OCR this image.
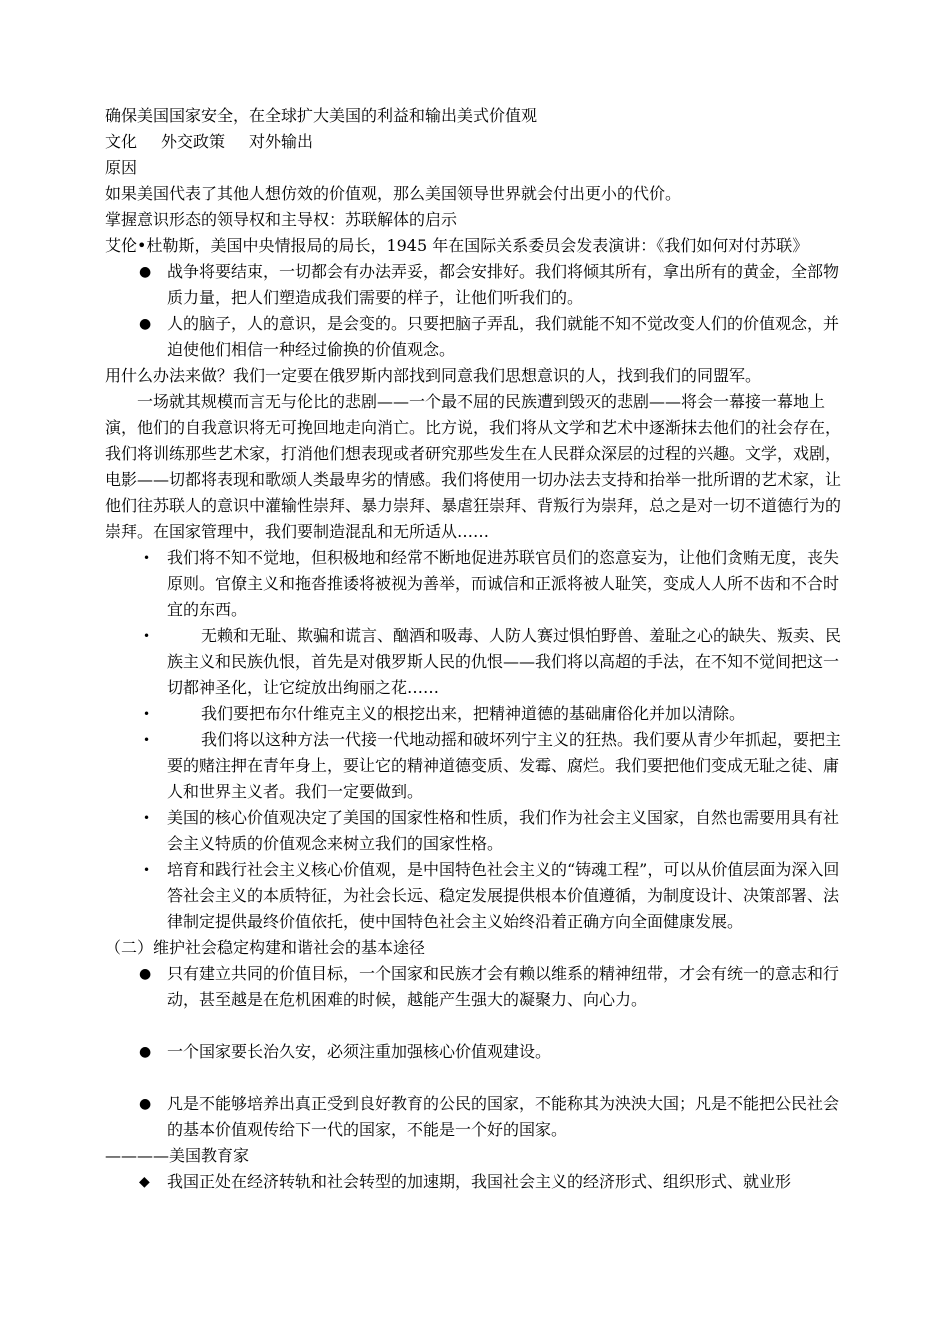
确保美国国家安全，在全球扩大美国的利益和输出美式价值观

文化 外交政策 对外输出

原因

如果美国代表了其他人想仿效的价值观，那么美国领导世界就会付出更小的代价。

掌握意识形态的领导权和主导权：苏联解体的启示

艾伦•杜勒斯，美国中央情报局的局长，1945 年在国际关系委员会发表演讲：《我们如何对付苏联》

● 战争将要结束，一切都会有办法弄妥，都会安排好。我们将倾其所有，拿出所有的黄金，全部物质力量，把人们塑造成我们需要的样子，让他们听我们的。
● 人的脑子，人的意识，是会变的。只要把脑子弄乱，我们就能不知不觉改变人们的价值观念，并迫使他们相信一种经过偷换的价值观念。

用什么办法来做？我们一定要在俄罗斯内部找到同意我们思想意识的人，找到我们的同盟军。

一场就其规模而言无与伦比的悲剧——一个最不屈的民族遭到毁灭的悲剧——将会一幕接一幕地上演，他们的自我意识将无可挽回地走向消亡。比方说，我们将从文学和艺术中逐渐抹去他们的社会存在，我们将训练那些艺术家，打消他们想表现或者研究那些发生在人民群众深层的过程的兴趣。文学，戏剧，电影——切都将表现和歌颂人类最卑劣的情感。我们将使用一切办法去支持和抬举一批所谓的艺术家，让他们往苏联人的意识中灌输性崇拜、暴力崇拜、暴虐狂崇拜、背叛行为崇拜，总之是对一切不道德行为的崇拜。在国家管理中，我们要制造混乱和无所适从……

• 我们将不知不觉地，但积极地和经常不断地促进苏联官员们的恣意妄为，让他们贪贿无度，丧失原则。官僚主义和拖沓推诿将被视为善举，而诚信和正派将被人耻笑，变成人人所不齿和不合时宜的东西。
•	无赖和无耻、欺骗和谎言、酗酒和吸毒、人防人赛过惧怕野兽、羞耻之心的缺失、叛卖、民族主义和民族仇恨，首先是对俄罗斯人民的仇恨——我们将以高超的手法，在不知不觉间把这一切都神圣化，让它绽放出绚丽之花……
•	我们要把布尔什维克主义的根挖出来，把精神道德的基础庸俗化并加以清除。
•	我们将以这种方法一代接一代地动摇和破坏列宁主义的狂热。我们要从青少年抓起，要把主要的赌注押在青年身上，要让它的精神道德变质、发霉、腐烂。我们要把他们变成无耻之徒、庸人和世界主义者。我们一定要做到。
• 美国的核心价值观决定了美国的国家性格和性质，我们作为社会主义国家，自然也需要用具有社会主义特质的价值观念来树立我们的国家性格。
• 培育和践行社会主义核心价值观，是中国特色社会主义的“铸魂工程”，可以从价值层面为深入回答社会主义的本质特征，为社会长远、稳定发展提供根本价值遵循，为制度设计、决策部署、法律制定提供最终价值依托，使中国特色社会主义始终沿着正确方向全面健康发展。

（二）维护社会稳定构建和谐社会的基本途径

● 只有建立共同的价值目标，一个国家和民族才会有赖以维系的精神纽带，才会有统一的意志和行动，甚至越是在危机困难的时候，越能产生强大的凝聚力、向心力。
● 一个国家要长治久安，必须注重加强核心价值观建设。
● 凡是不能够培养出真正受到良好教育的公民的国家，不能称其为泱泱大国；凡是不能把公民社会的基本价值观传给下一代的国家，不能是一个好的国家。

————美国教育家

◆ 我国正处在经济转轨和社会转型的加速期，我国社会主义的经济形式、组织形式、就业形
